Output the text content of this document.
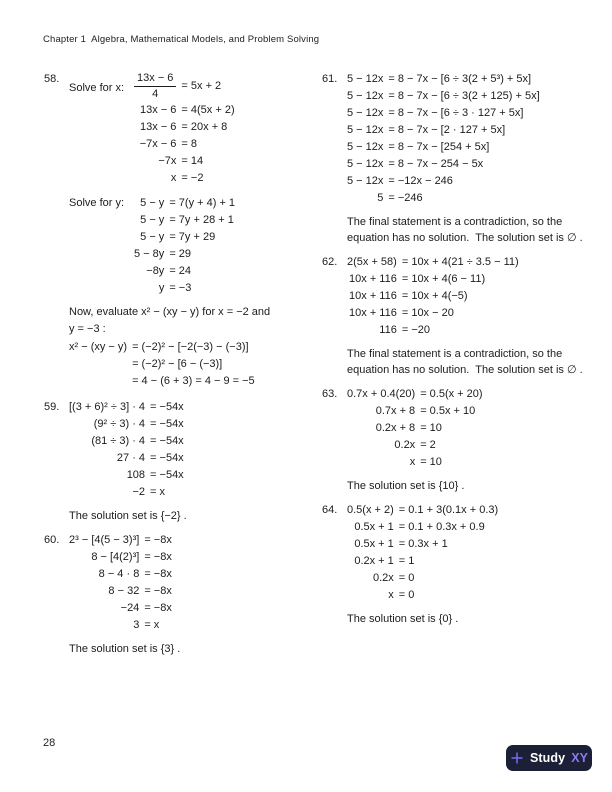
Chapter 1  Algebra, Mathematical Models, and Problem Solving
58.
Solve for x: $\frac{13x - 6}{4} = 5x + 2$
13x − 6 = 4(5x + 2)
13x − 6 = 20x + 8
−7x − 6 = 8
−7x = 14
x = −2
Solve for y:	5 − y = 7(y + 4) + 1
5 − y = 7y + 28 + 1
5 − y = 7y + 29
5 − 8y = 29
−8y = 24
y = −3
Now, evaluate x² − (xy − y) for x = −2 and
y = −3 :
x² − (xy − y) = (−2)² − [−2(−3) − (−3)]
= (−2)² − [6 − (−3)]
= 4 − (6 + 3) = 4 − 9 = −5
59. [(3 + 6)² ÷ 3] · 4 = −54x
(9² ÷ 3) · 4 = −54x
(81 ÷ 3) · 4 = −54x
27 · 4 = −54x
108 = −54x
−2 = x
The solution set is {−2} .
60. 2³ − [4(5 − 3)³] = −8x
8 − [4(2)³] = −8x
8 − 4 · 8 = −8x
8 − 32 = −8x
−24 = −8x
3 = x
The solution set is {3} .
61. 5 − 12x = 8 − 7x − [6 ÷ 3(2 + 5³) + 5x]
5 − 12x = 8 − 7x − [6 ÷ 3(2 + 125) + 5x]
5 − 12x = 8 − 7x − [6 ÷ 3 · 127 + 5x]
5 − 12x = 8 − 7x − [2 · 127 + 5x]
5 − 12x = 8 − 7x − [254 + 5x]
5 − 12x = 8 − 7x − 254 − 5x
5 − 12x = −12x − 246
5 = −246
The final statement is a contradiction, so the
equation has no solution.  The solution set is ∅ .
62. 2(5x + 58) = 10x + 4(21 ÷ 3.5 − 11)
10x + 116 = 10x + 4(6 − 11)
10x + 116 = 10x + 4(−5)
10x + 116 = 10x − 20
116 = −20
The final statement is a contradiction, so the
equation has no solution.  The solution set is ∅ .
63. 0.7x + 0.4(20) = 0.5(x + 20)
0.7x + 8 = 0.5x + 10
0.2x + 8 = 10
0.2x = 2
x = 10
The solution set is {10} .
64. 0.5(x + 2) = 0.1 + 3(0.1x + 0.3)
0.5x + 1 = 0.1 + 0.3x + 0.9
0.5x + 1 = 0.3x + 1
0.2x + 1 = 1
0.2x = 0
x = 0
The solution set is {0} .
28
Study XY
